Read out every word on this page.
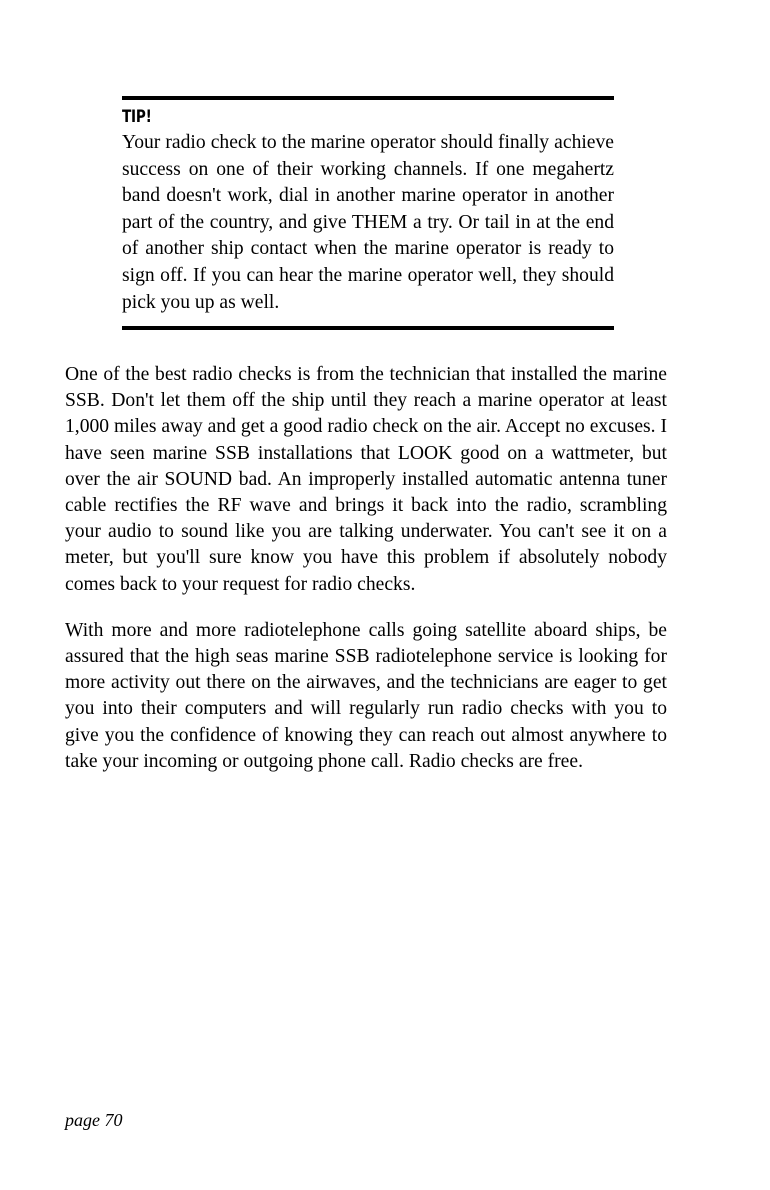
TIP!

Your radio check to the marine operator should finally achieve success on one of their working channels. If one megahertz band doesn't work, dial in another marine operator in another part of the country, and give THEM a try. Or tail in at the end of another ship contact when the marine operator is ready to sign off. If you can hear the marine operator well, they should pick you up as well.

One of the best radio checks is from the technician that installed the marine SSB. Don't let them off the ship until they reach a marine operator at least 1,000 miles away and get a good radio check on the air. Accept no excuses. I have seen marine SSB installations that LOOK good on a wattmeter, but over the air SOUND bad. An improperly installed automatic antenna tuner cable rectifies the RF wave and brings it back into the radio, scrambling your audio to sound like you are talking underwater. You can't see it on a meter, but you'll sure know you have this problem if absolutely nobody comes back to your request for radio checks.

With more and more radiotelephone calls going satellite aboard ships, be assured that the high seas marine SSB radiotelephone service is looking for more activity out there on the airwaves, and the technicians are eager to get you into their computers and will regularly run radio checks with you to give you the confidence of knowing they can reach out almost anywhere to take your incoming or outgoing phone call. Radio checks are free.

page 70
